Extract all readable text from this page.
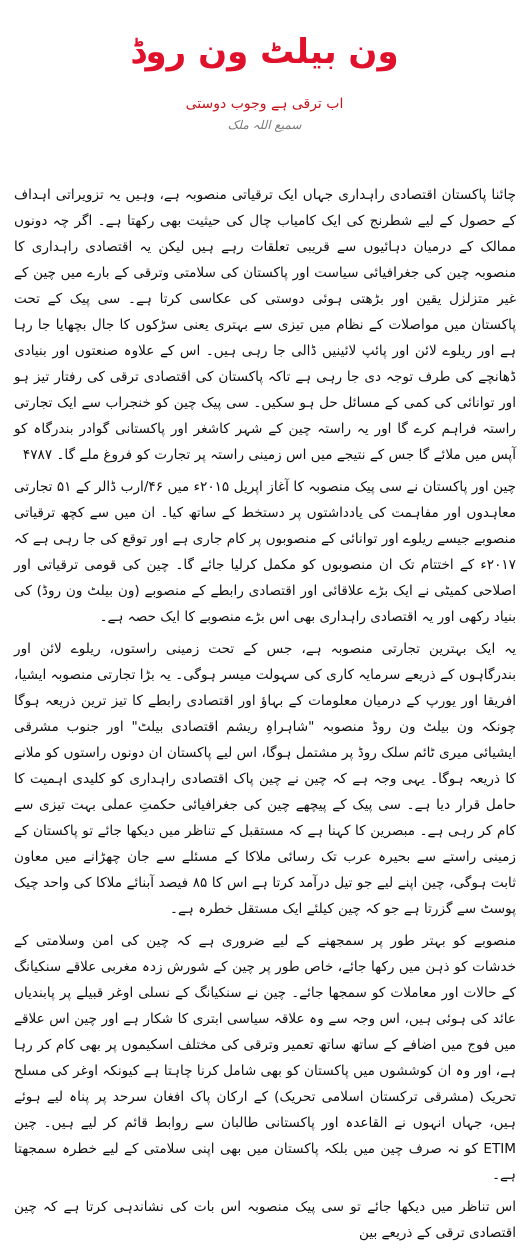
ون بیلٹ ون روڈ
اب ترقی ہے وجوب دوستی
سمیع اللہ ملک

چائنا پاکستان اقتصادی راہداری جہاں ایک ترقیاتی منصوبہ ہے، وہیں یہ تزویراتی اہداف کے حصول کے لیے شطرنج کی ایک کامیاب چال کی حیثیت بھی رکھتا ہے۔ اگر چہ دونوں ممالک کے درمیان دہائیوں سے قریبی تعلقات رہے ہیں لیکن یہ اقتصادی راہداری کا منصوبہ چین کی جغرافیائی سیاست اور پاکستان کی سلامتی وترقی کے بارے میں چین کے غیر متزلزل یقین اور بڑھتی ہوئی دوستی کی عکاسی کرتا ہے۔ سی پیک کے تحت پاکستان میں مواصلات کے نظام میں تیزی سے بہتری یعنی سڑکوں کا جال بچھایا جا رہا ہے اور ریلوے لائن اور پائپ لائینیں ڈالی جا رہی ہیں۔ اس کے علاوہ صنعتوں اور بنیادی ڈھانچے کی طرف توجہ دی جا رہی ہے تاکہ پاکستان کی اقتصادی ترقی کی رفتار تیز ہو اور توانائی کی کمی کے مسائل حل ہو سکیں۔ سی پیک چین کو خنجراب سے ایک تجارتی راستہ فراہم کرے گا اور یہ راستہ چین کے شہر کاشغر اور پاکستانی گوادر بندرگاہ کو آپس میں ملائے گا جس کے نتیجے میں اس زمینی راستہ پر تجارت کو فروغ ملے گا۔ ۴۷۸۷

چین اور پاکستان نے سی پیک منصوبہ کا آغاز اپریل ۲۰۱۵ء میں ۴۶/ارب ڈالر کے ۵۱ تجارتی معاہدوں اور مفاہمت کی یادداشتوں پر دستخط کے ساتھ کیا۔ ان میں سے کچھ ترقیاتی منصوبے جیسے ریلوے اور توانائی کے منصوبوں پر کام جاری ہے اور توقع کی جا رہی ہے کہ ۲۰۱۷ء کے اختتام تک ان منصوبوں کو مکمل کرلیا جائے گا۔ چین کی قومی ترقیاتی اور اصلاحی کمیٹی نے ایک بڑے علاقائی اور اقتصادی رابطے کے منصوبے (ون بیلٹ ون روڈ) کی بنیاد رکھی اور یہ اقتصادی راہداری بھی اس بڑے منصوبے کا ایک حصہ ہے۔

یہ ایک بہترین تجارتی منصوبہ ہے، جس کے تحت زمینی راستوں، ریلوے لائن اور بندرگاہوں کے ذریعے سرمایہ کاری کی سہولت میسر ہوگی۔ یہ بڑا تجارتی منصوبہ ایشیا، افریقا اور یورپ کے درمیان معلومات کے بہاؤ اور اقتصادی رابطے کا تیز ترین ذریعہ ہوگا چونکہ ون بیلٹ ون روڈ منصوبہ "شاہراہِ ریشم اقتصادی بیلٹ" اور جنوب مشرقی ایشیائی میری ٹائم سلک روڈ پر مشتمل ہوگا، اس لیے پاکستان ان دونوں راستوں کو ملانے کا ذریعہ ہوگا۔ یہی وجہ ہے کہ چین نے چین پاک اقتصادی راہداری کو کلیدی اہمیت کا حامل قرار دیا ہے۔ سی پیک کے پیچھے چین کی جغرافیائی حکمتِ عملی بہت تیزی سے کام کر رہی ہے۔ مبصرین کا کہنا ہے کہ مستقبل کے تناظر میں دیکھا جائے تو پاکستان کے زمینی راستے سے بحیرہ عرب تک رسائی ملاکا کے مسئلے سے جان چھڑانے میں معاون ثابت ہوگی، چین اپنے لیے جو تیل درآمد کرتا ہے اس کا ۸۵ فیصد آبنائے ملاکا کی واحد چیک پوسٹ سے گزرتا ہے جو کہ چین کیلئے ایک مستقل خطرہ ہے۔

منصوبے کو بہتر طور پر سمجھنے کے لیے ضروری ہے کہ چین کی امن وسلامتی کے خدشات کو ذہن میں رکھا جائے، خاص طور پر چین کے شورش زدہ مغربی علاقے سنکیانگ کے حالات اور معاملات کو سمجھا جائے۔ چین نے سنکیانگ کے نسلی اوغر قبیلے پر پابندیاں عائد کی ہوئی ہیں، اس وجہ سے وہ علاقہ سیاسی ابتری کا شکار ہے اور چین اس علاقے میں فوج میں اضافے کے ساتھ ساتھ تعمیر وترقی کی مختلف اسکیموں پر بھی کام کر رہا ہے، اور وہ ان کوششوں میں پاکستان کو بھی شامل کرنا چاہتا ہے کیونکہ اوغر کی مسلح تحریک (مشرقی ترکستان اسلامی تحریک) کے ارکان پاک افغان سرحد پر پناہ لیے ہوئے ہیں، جہاں انہوں نے القاعدہ اور پاکستانی طالبان سے روابط قائم کر لیے ہیں۔ چین ETIM کو نہ صرف چین میں بلکہ پاکستان میں بھی اپنی سلامتی کے لیے خطرہ سمجھتا ہے۔

اس تناظر میں دیکھا جائے تو سی پیک منصوبہ اس بات کی نشاندہی کرتا ہے کہ چین اقتصادی ترقی کے ذریعے بین
